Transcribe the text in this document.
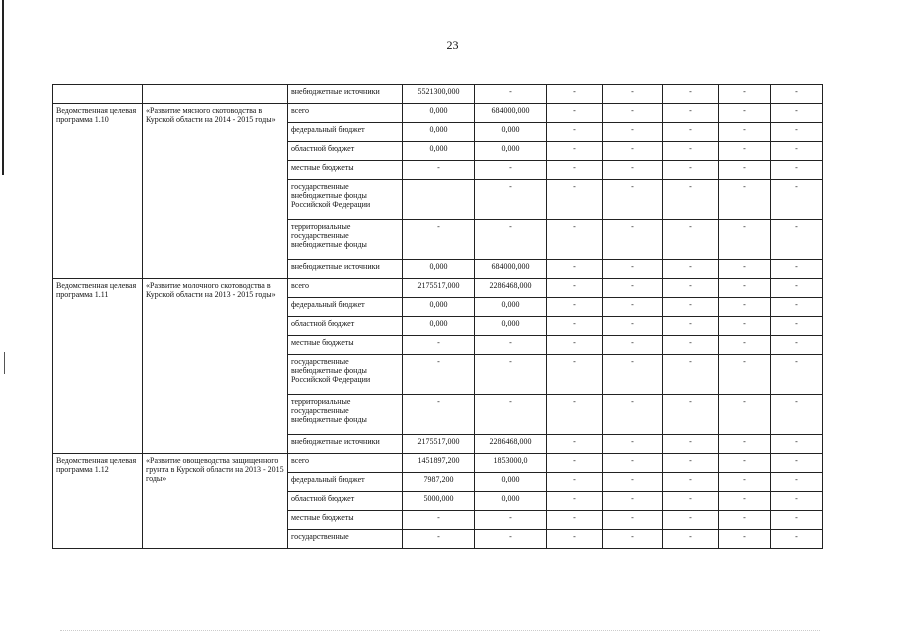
23
		внебюджетные источники	5521300,000	-	-	-	-	-	-
Ведомственная целевая программа 1.10	«Развитие мясного скотоводства в Курской области на 2014 - 2015 годы»	всего	0,000	684000,000	-	-	-	-	-
		федеральный бюджет	0,000	0,000	-	-	-	-	-
		областной бюджет	0,000	0,000	-	-	-	-	-
		местные бюджеты	-	-	-	-	-	-	-
		государственные внебюджетные фонды Российской Федерации		-	-	-	-	-	-
		территориальные государственные внебюджетные фонды	-	-	-	-	-	-	-
		внебюджетные источники	0,000	684000,000	-	-	-	-	-
Ведомственная целевая программа 1.11	«Развитие молочного скотоводства в Курской области на 2013 - 2015 годы»	всего	2175517,000	2286468,000	-	-	-	-	-
		федеральный бюджет	0,000	0,000	-	-	-	-	-
		областной бюджет	0,000	0,000	-	-	-	-	-
		местные бюджеты	-	-	-	-	-	-	-
		государственные внебюджетные фонды Российской Федерации	-	-	-	-	-	-	-
		территориальные государственные внебюджетные фонды	-	-	-	-	-	-	-
		внебюджетные источники	2175517,000	2286468,000	-	-	-	-	-
Ведомственная целевая программа 1.12	«Развитие овощеводства защищенного грунта в Курской области на 2013 - 2015 годы»	всего	1451897,200	1853000,0	-	-	-	-	-
		федеральный бюджет	7987,200	0,000	-	-	-	-	-
		областной бюджет	5000,000	0,000	-	-	-	-	-
		местные бюджеты	-	-	-	-	-	-	-
		государственные	-	-	-	-	-	-	-
